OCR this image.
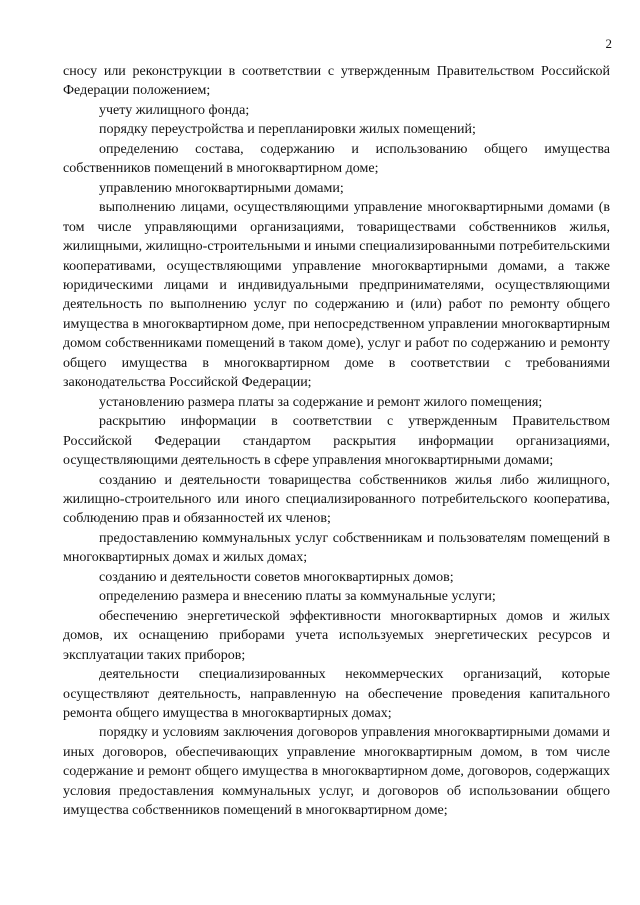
2

сносу или реконструкции в соответствии с утвержденным Правительством Российской Федерации положением;

учету жилищного фонда;

порядку переустройства и перепланировки жилых помещений;

определению состава, содержанию и использованию общего имущества собственников помещений в многоквартирном доме;

управлению многоквартирными домами;

выполнению лицами, осуществляющими управление многоквартирными домами (в том числе управляющими организациями, товариществами собственников жилья, жилищными, жилищно-строительными и иными специализированными потребительскими кооперативами, осуществляющими управление многоквартирными домами, а также юридическими лицами и индивидуальными предпринимателями, осуществляющими деятельность по выполнению услуг по содержанию и (или) работ по ремонту общего имущества в многоквартирном доме, при непосредственном управлении многоквартирным домом собственниками помещений в таком доме), услуг и работ по содержанию и ремонту общего имущества в многоквартирном доме в соответствии с требованиями законодательства Российской Федерации;

установлению размера платы за содержание и ремонт жилого помещения;

раскрытию информации в соответствии с утвержденным Правительством Российской Федерации стандартом раскрытия информации организациями, осуществляющими деятельность в сфере управления многоквартирными домами;

созданию и деятельности товарищества собственников жилья либо жилищного, жилищно-строительного или иного специализированного потребительского кооператива, соблюдению прав и обязанностей их членов;

предоставлению коммунальных услуг собственникам и пользователям помещений в многоквартирных домах и жилых домах;

созданию и деятельности советов многоквартирных домов;

определению размера и внесению платы за коммунальные услуги;

обеспечению энергетической эффективности многоквартирных домов и жилых домов, их оснащению приборами учета используемых энергетических ресурсов и эксплуатации таких приборов;

деятельности специализированных некоммерческих организаций, которые осуществляют деятельность, направленную на обеспечение проведения капитального ремонта общего имущества в многоквартирных домах;

порядку и условиям заключения договоров управления многоквартирными домами и иных договоров, обеспечивающих управление многоквартирным домом, в том числе содержание и ремонт общего имущества в многоквартирном доме, договоров, содержащих условия предоставления коммунальных услуг, и договоров об использовании общего имущества собственников помещений в многоквартирном доме;
